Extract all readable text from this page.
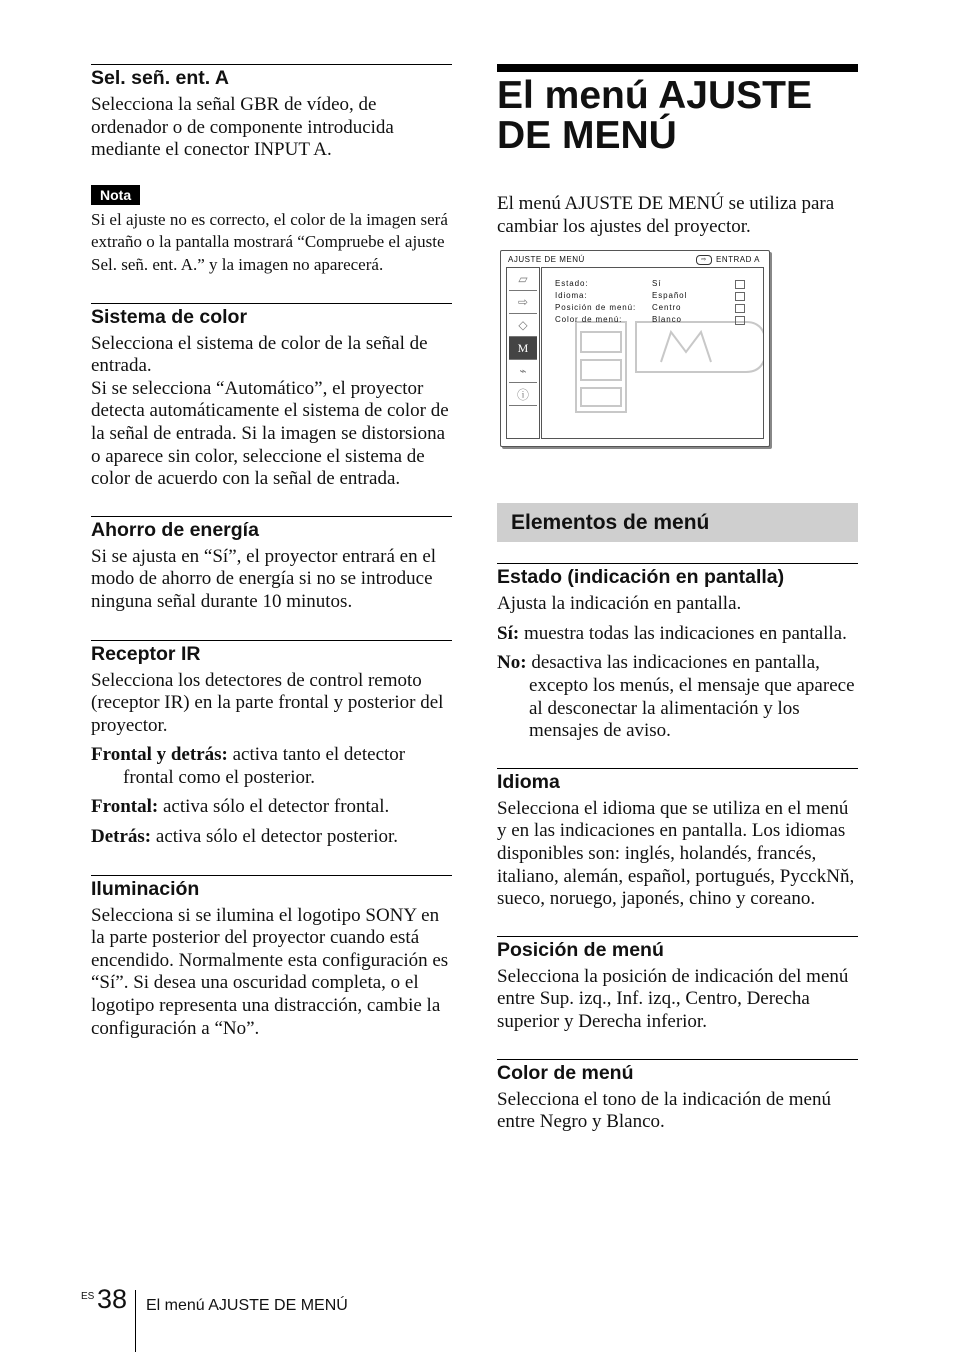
Sel. señ. ent. A

Selecciona la señal GBR de vídeo, de ordenador o de componente introducida mediante el conector INPUT A.

Nota
Si el ajuste no es correcto, el color de la imagen será extraño o la pantalla mostrará “Compruebe el ajuste Sel. señ. ent. A.” y la imagen no aparecerá.
Sistema de color

Selecciona el sistema de color de la señal de entrada.

Si se selecciona “Automático”, el proyector detecta automáticamente el sistema de color de la señal de entrada. Si la imagen se distorsiona o aparece sin color, seleccione el sistema de color de acuerdo con la señal de entrada.

Ahorro de energía

Si se ajusta en “Sí”, el proyector entrará en el modo de ahorro de energía si no se introduce ninguna señal durante 10 minutos.

Receptor IR

Selecciona los detectores de control remoto (receptor IR) en la parte frontal y posterior del proyector.

Frontal y detrás: activa tanto el detector frontal como el posterior.

Frontal: activa sólo el detector frontal.

Detrás: activa sólo el detector posterior.

Iluminación

Selecciona si se ilumina el logotipo SONY en la parte posterior del proyector cuando está encendido. Normalmente esta configuración es “Sí”. Si desea una oscuridad completa, o el logotipo representa una distracción, cambie la configuración a “No”.

El menú AJUSTE DE MENÚ

El menú AJUSTE DE MENÚ se utiliza para cambiar los ajustes del proyector.

AJUSTE DE MENÚ	⇨ ENTRAD A
▱
⇨
◇
M
⌁
ⓘ
Estado:	Sí
Idioma:	Español
Posición de menú: Centro
Color de menú:	Blanco
Elementos de menú
Estado (indicación en pantalla)

Ajusta la indicación en pantalla.

Sí: muestra todas las indicaciones en pantalla.

No: desactiva las indicaciones en pantalla, excepto los menús, el mensaje que aparece al desconectar la alimentación y los mensajes de aviso.

Idioma

Selecciona el idioma que se utiliza en el menú y en las indicaciones en pantalla. Los idiomas disponibles son: inglés, holandés, francés, italiano, alemán, español, portugués, PycckNň, sueco, noruego, japonés, chino y coreano.

Posición de menú

Selecciona la posición de indicación del menú entre Sup. izq., Inf. izq., Centro, Derecha superior y Derecha inferior.

Color de menú

Selecciona el tono de la indicación de menú entre Negro y Blanco.

ES 38 El menú AJUSTE DE MENÚ
